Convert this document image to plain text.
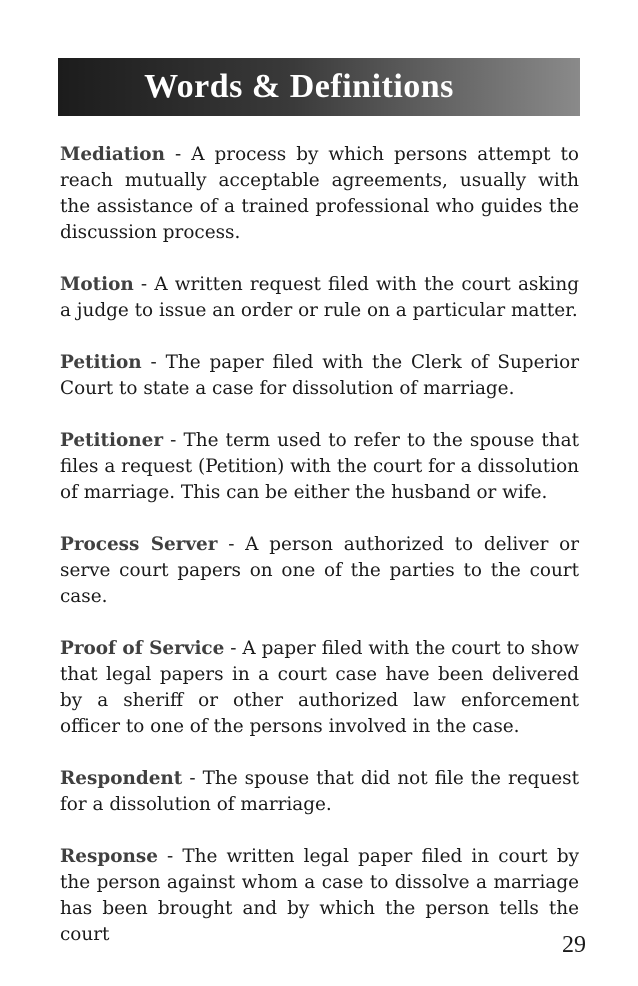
Words & Definitions

Mediation - A process by which persons attempt to reach mutually acceptable agreements, usually with the assistance of a trained professional who guides the discussion process.

Motion - A written request filed with the court asking a judge to issue an order or rule on a particular matter.

Petition - The paper filed with the Clerk of Superior Court to state a case for dissolution of marriage.

Petitioner - The term used to refer to the spouse that files a request (Petition) with the court for a dissolution of marriage. This can be either the husband or wife.

Process Server - A person authorized to deliver or serve court papers on one of the parties to the court case.

Proof of Service - A paper filed with the court to show that legal papers in a court case have been delivered by a sheriff or other authorized law enforcement officer to one of the persons involved in the case.

Respondent - The spouse that did not file the request for a dissolution of marriage.

Response - The written legal paper filed in court by the person against whom a case to dissolve a marriage has been brought and by which the person tells the court	29
